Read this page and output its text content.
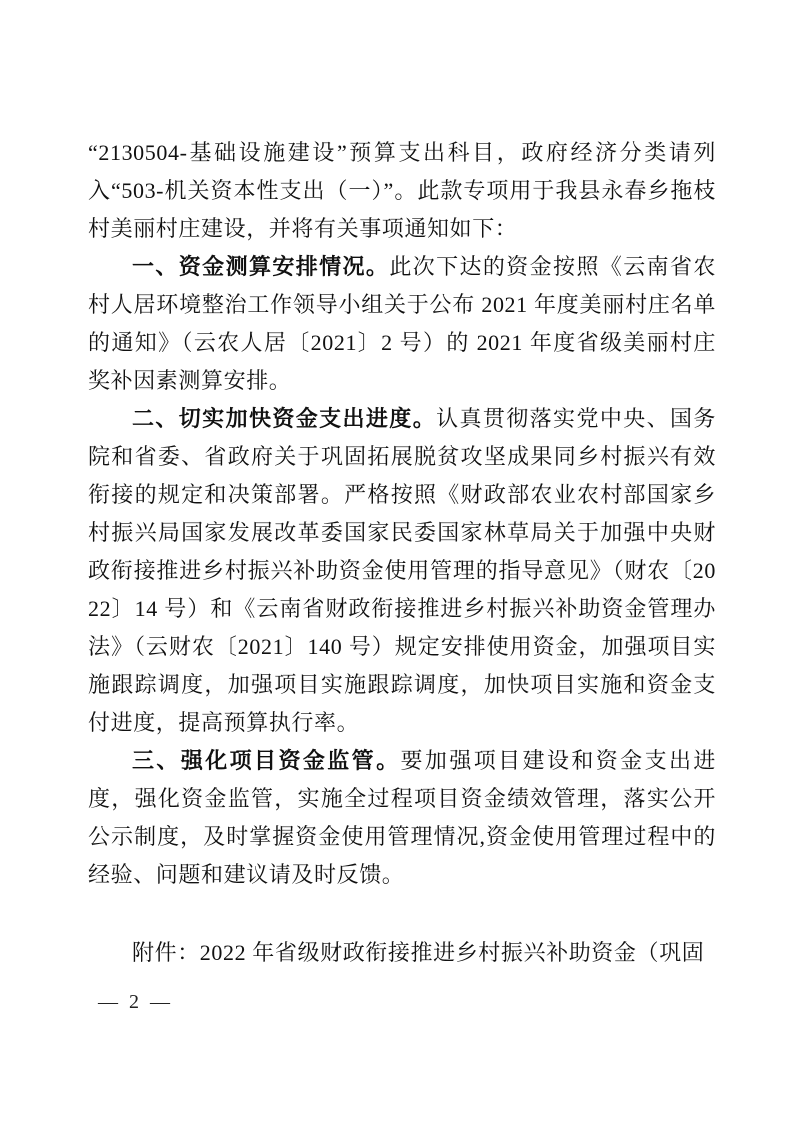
“2130504-基础设施建设”预算支出科目，政府经济分类请列入“503-机关资本性支出（一）”。此款专项用于我县永春乡拖枝村美丽村庄建设，并将有关事项通知如下：

一、资金测算安排情况。此次下达的资金按照《云南省农村人居环境整治工作领导小组关于公布 2021 年度美丽村庄名单的通知》（云农人居〔2021〕2 号）的 2021 年度省级美丽村庄奖补因素测算安排。

二、切实加快资金支出进度。认真贯彻落实党中央、国务院和省委、省政府关于巩固拓展脱贫攻坚成果同乡村振兴有效衔接的规定和决策部署。严格按照《财政部农业农村部国家乡村振兴局国家发展改革委国家民委国家林草局关于加强中央财政衔接推进乡村振兴补助资金使用管理的指导意见》（财农〔2022〕14 号）和《云南省财政衔接推进乡村振兴补助资金管理办法》（云财农〔2021〕140 号）规定安排使用资金，加强项目实施跟踪调度，加强项目实施跟踪调度，加快项目实施和资金支付进度，提高预算执行率。

三、强化项目资金监管。要加强项目建设和资金支出进度，强化资金监管，实施全过程项目资金绩效管理，落实公开公示制度，及时掌握资金使用管理情况,资金使用管理过程中的经验、问题和建议请及时反馈。

附件：2022 年省级财政衔接推进乡村振兴补助资金（巩固

— 2 —
